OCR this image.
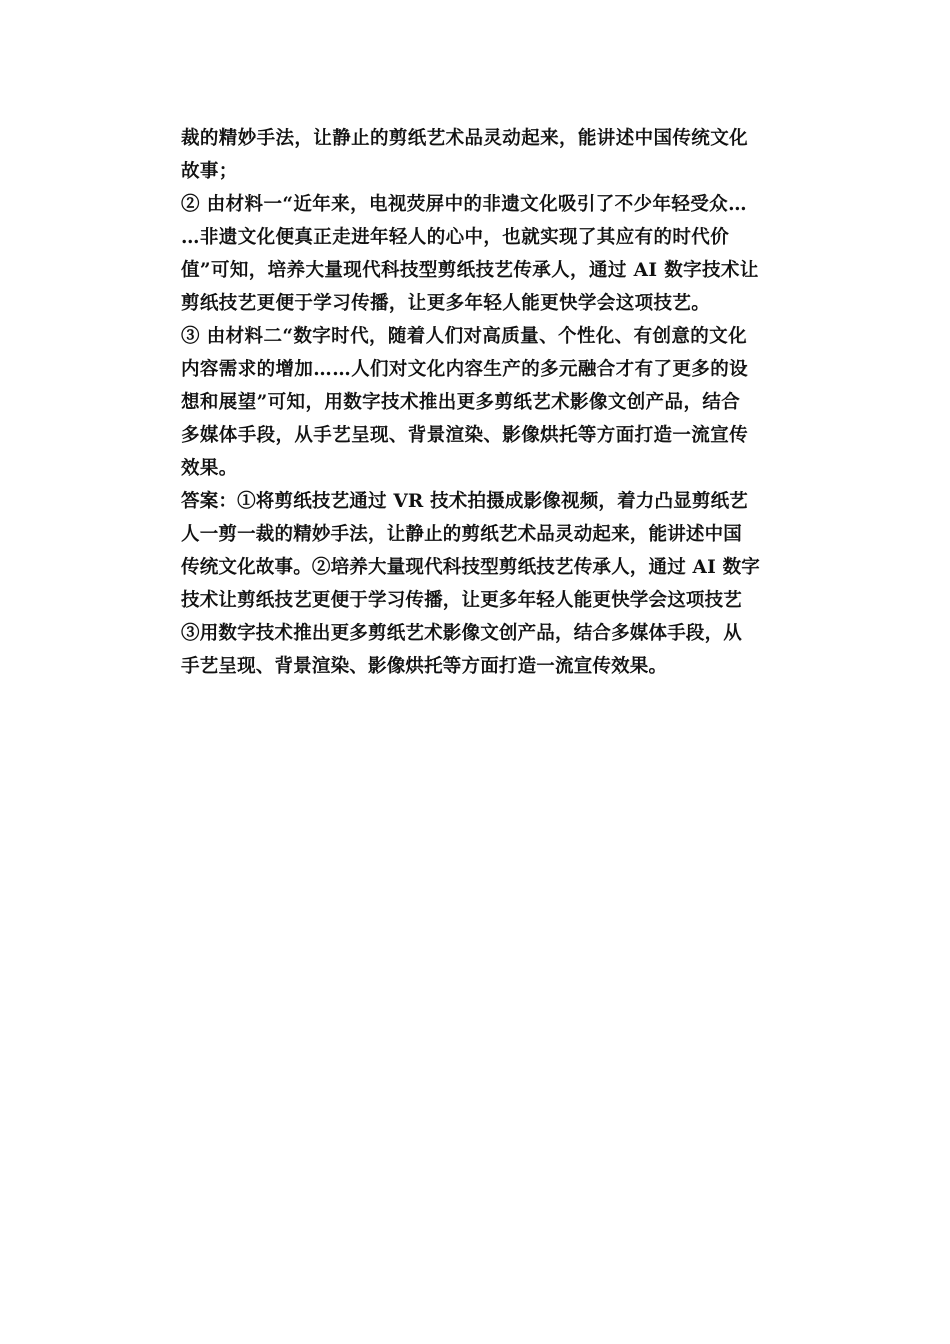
裁的精妙手法，让静止的剪纸艺术品灵动起来，能讲述中国传统文化
故事；
② 由材料一“近年来，电视荧屏中的非遗文化吸引了不少年轻受众…
…非遗文化便真正走进年轻人的心中，也就实现了其应有的时代价
值”可知，培养大量现代科技型剪纸技艺传承人，通过 AI 数字技术让
剪纸技艺更便于学习传播，让更多年轻人能更快学会这项技艺。
③ 由材料二“数字时代，随着人们对高质量、个性化、有创意的文化
内容需求的增加……人们对文化内容生产的多元融合才有了更多的设
想和展望”可知，用数字技术推出更多剪纸艺术影像文创产品，结合
多媒体手段，从手艺呈现、背景渲染、影像烘托等方面打造一流宣传
效果。
答案：①将剪纸技艺通过 VR 技术拍摄成影像视频，着力凸显剪纸艺
人一剪一裁的精妙手法，让静止的剪纸艺术品灵动起来，能讲述中国
传统文化故事。②培养大量现代科技型剪纸技艺传承人，通过 AI 数字
技术让剪纸技艺更便于学习传播，让更多年轻人能更快学会这项技艺
③用数字技术推出更多剪纸艺术影像文创产品，结合多媒体手段，从
手艺呈现、背景渲染、影像烘托等方面打造一流宣传效果。
